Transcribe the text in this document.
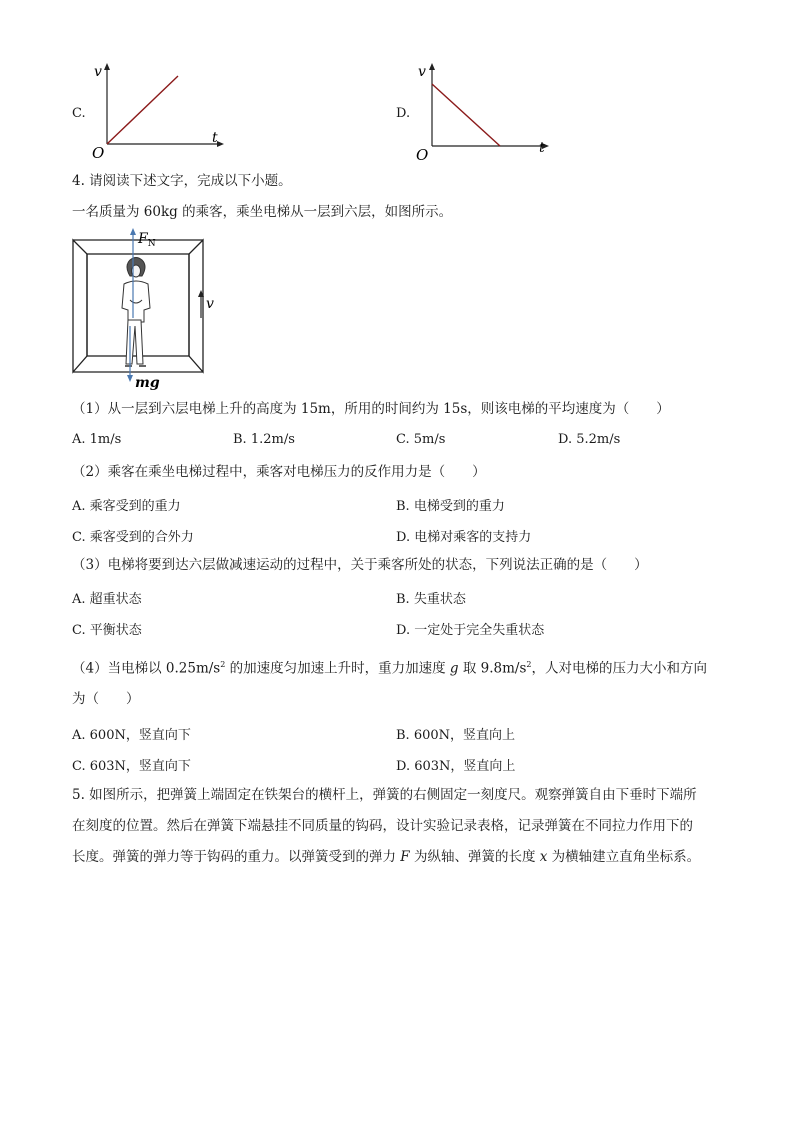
C.
v
t
O
D.
v
t
O
4. 请阅读下述文字，完成以下小题。
一名质量为 60kg 的乘客，乘坐电梯从一层到六层，如图所示。
$F_N$
mg
v
（1）从一层到六层电梯上升的高度为 15m，所用的时间约为 15s，则该电梯的平均速度为（　　）
A. 1m/s	B. 1.2m/s	C. 5m/s	D. 5.2m/s
（2）乘客在乘坐电梯过程中，乘客对电梯压力的反作用力是（　　）
A. 乘客受到的重力	B. 电梯受到的重力
C. 乘客受到的合外力	D. 电梯对乘客的支持力
（3）电梯将要到达六层做减速运动的过程中，关于乘客所处的状态，下列说法正确的是（　　）
A. 超重状态	B. 失重状态
C. 平衡状态	D. 一定处于完全失重状态
（4）当电梯以 $0.25m/s^2$ 的加速度匀加速上升时，重力加速度 g 取 $9.8m/s^2$，人对电梯的压力大小和方向
为（　　）
A. 600N，竖直向下	B. 600N，竖直向上
C. 603N，竖直向下	D. 603N，竖直向上
5. 如图所示，把弹簧上端固定在铁架台的横杆上，弹簧的右侧固定一刻度尺。观察弹簧自由下垂时下端所
在刻度的位置。然后在弹簧下端悬挂不同质量的钩码，设计实验记录表格，记录弹簧在不同拉力作用下的
长度。弹簧的弹力等于钩码的重力。以弹簧受到的弹力 F 为纵轴、弹簧的长度 x 为横轴建立直角坐标系。
